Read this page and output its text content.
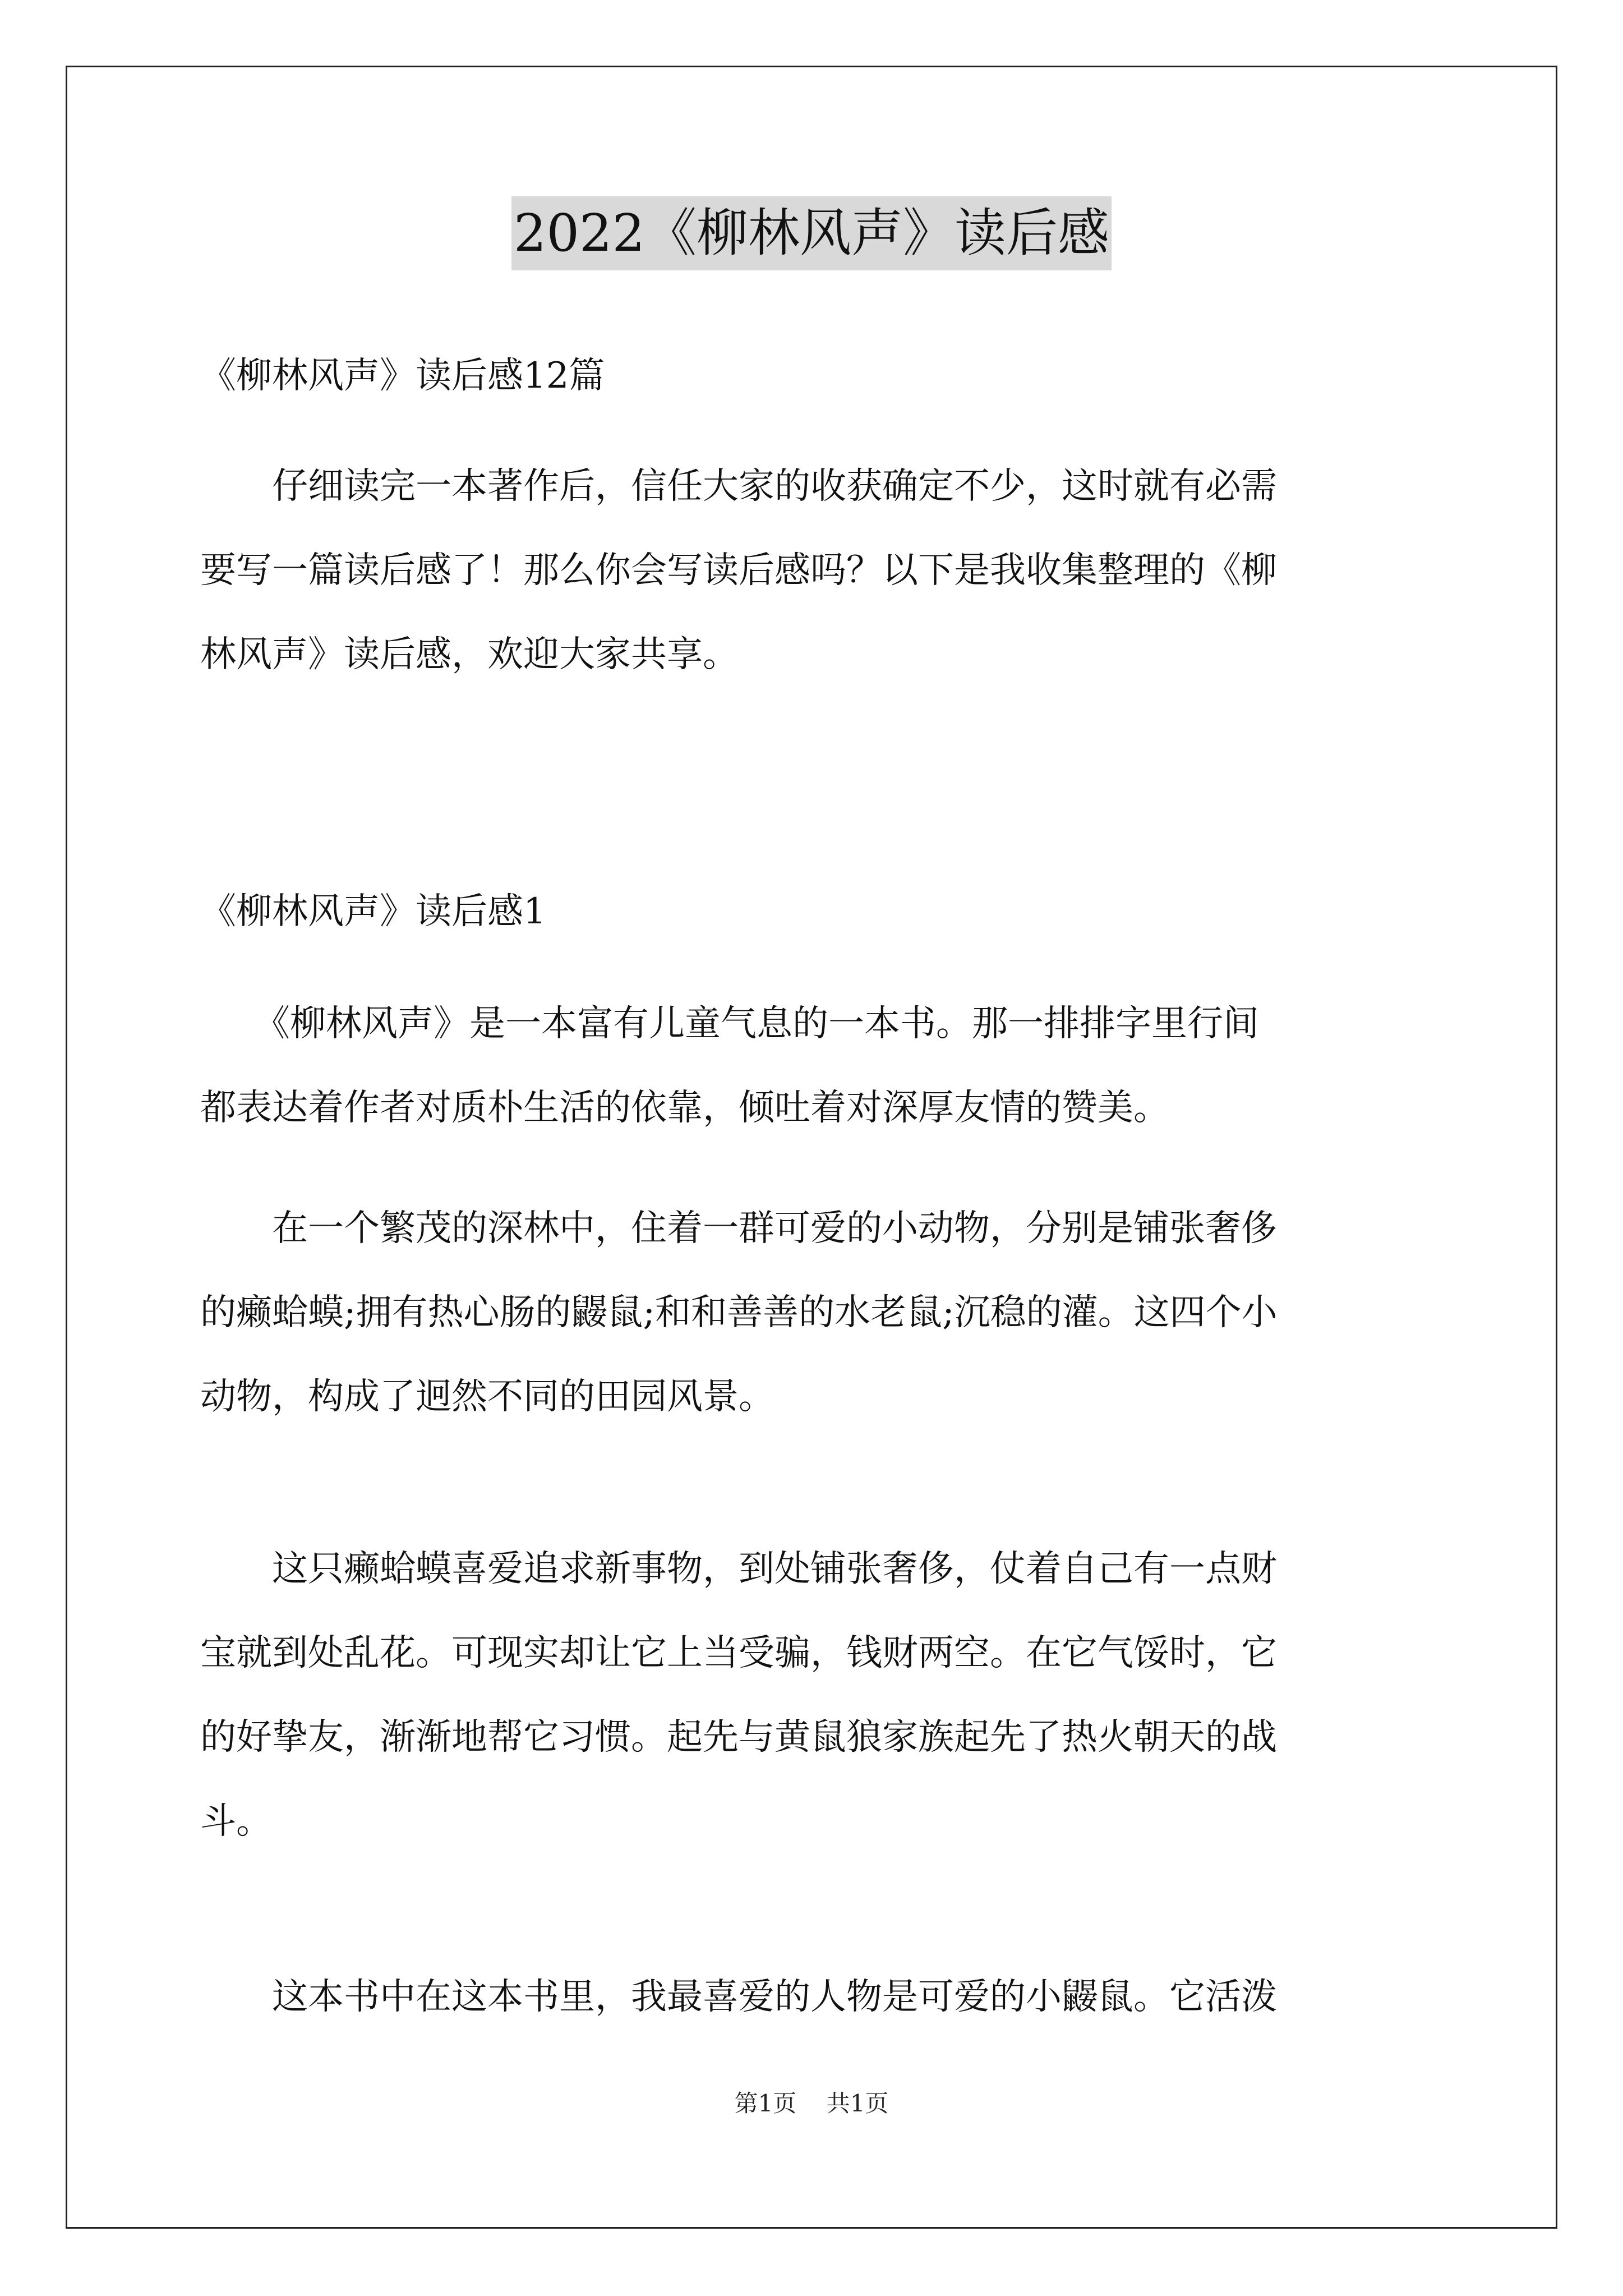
2022《柳林风声》读后感
《柳林风声》读后感12篇
　　仔细读完一本著作后，信任大家的收获确定不少，这时就有必需
要写一篇读后感了！那么你会写读后感吗？以下是我收集整理的《柳
林风声》读后感，欢迎大家共享。
《柳林风声》读后感1
　　《柳林风声》是一本富有儿童气息的一本书。那一排排字里行间
都表达着作者对质朴生活的依靠，倾吐着对深厚友情的赞美。
　　在一个繁茂的深林中，住着一群可爱的小动物，分别是铺张奢侈
的癞蛤蟆;拥有热心肠的鼹鼠;和和善善的水老鼠;沉稳的灌。这四个小
动物，构成了迥然不同的田园风景。
　　这只癞蛤蟆喜爱追求新事物，到处铺张奢侈，仗着自己有一点财
宝就到处乱花。可现实却让它上当受骗，钱财两空。在它气馁时，它
的好挚友，渐渐地帮它习惯。起先与黄鼠狼家族起先了热火朝天的战
斗。
　　这本书中在这本书里，我最喜爱的人物是可爱的小鼹鼠。它活泼
第1页 共1页
